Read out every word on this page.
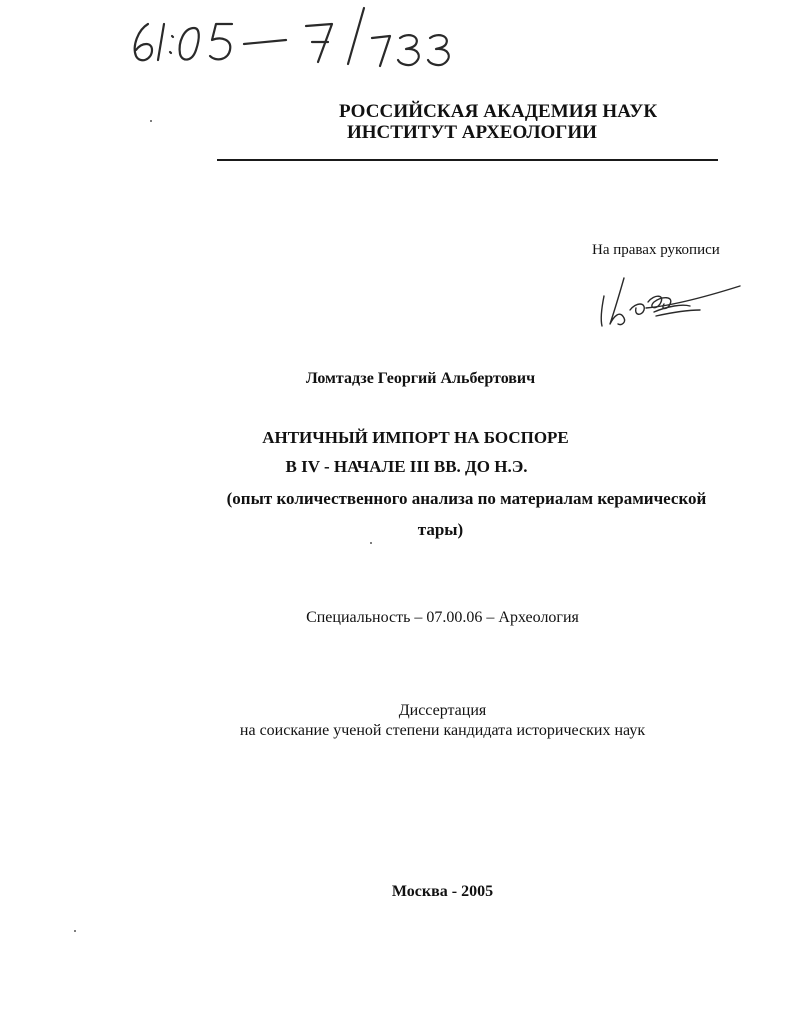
РОССИЙСКАЯ АКАДЕМИЯ НАУК
ИНСТИТУТ АРХЕОЛОГИИ
На правах рукописи
Ломтадзе Георгий Альбертович
АНТИЧНЫЙ ИМПОРТ НА БОСПОРЕ
В IV - НАЧАЛЕ III ВВ. ДО Н.Э.
(опыт количественного анализа по материалам керамической
тары)
Специальность – 07.00.06 – Археология
Диссертация
на соискание ученой степени кандидата исторических наук
Москва - 2005
